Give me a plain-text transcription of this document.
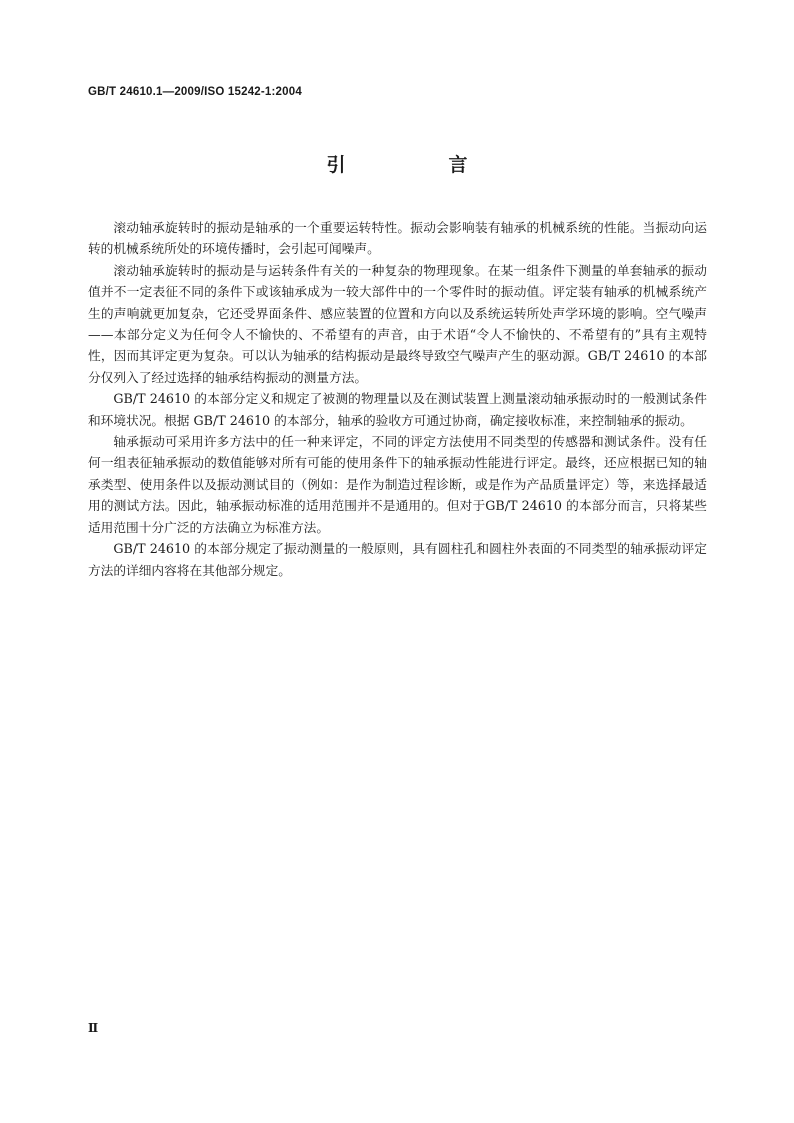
GB/T 24610.1—2009/ISO 15242-1:2004
引　言

滚动轴承旋转时的振动是轴承的一个重要运转特性。振动会影响装有轴承的机械系统的性能。当振动向运转的机械系统所处的环境传播时，会引起可闻噪声。

滚动轴承旋转时的振动是与运转条件有关的一种复杂的物理现象。在某一组条件下测量的单套轴承的振动值并不一定表征不同的条件下或该轴承成为一较大部件中的一个零件时的振动值。评定装有轴承的机械系统产生的声响就更加复杂，它还受界面条件、感应装置的位置和方向以及系统运转所处声学环境的影响。空气噪声——本部分定义为任何令人不愉快的、不希望有的声音，由于术语“令人不愉快的、不希望有的”具有主观特性，因而其评定更为复杂。可以认为轴承的结构振动是最终导致空气噪声产生的驱动源。GB/T 24610 的本部分仅列入了经过选择的轴承结构振动的测量方法。

GB/T 24610 的本部分定义和规定了被测的物理量以及在测试装置上测量滚动轴承振动时的一般测试条件和环境状况。根据 GB/T 24610 的本部分，轴承的验收方可通过协商，确定接收标准，来控制轴承的振动。

轴承振动可采用许多方法中的任一种来评定，不同的评定方法使用不同类型的传感器和测试条件。没有任何一组表征轴承振动的数值能够对所有可能的使用条件下的轴承振动性能进行评定。最终，还应根据已知的轴承类型、使用条件以及振动测试目的（例如：是作为制造过程诊断，或是作为产品质量评定）等，来选择最适用的测试方法。因此，轴承振动标准的适用范围并不是通用的。但对于GB/T 24610 的本部分而言，只将某些适用范围十分广泛的方法确立为标准方法。

GB/T 24610 的本部分规定了振动测量的一般原则，具有圆柱孔和圆柱外表面的不同类型的轴承振动评定方法的详细内容将在其他部分规定。

Ⅱ
